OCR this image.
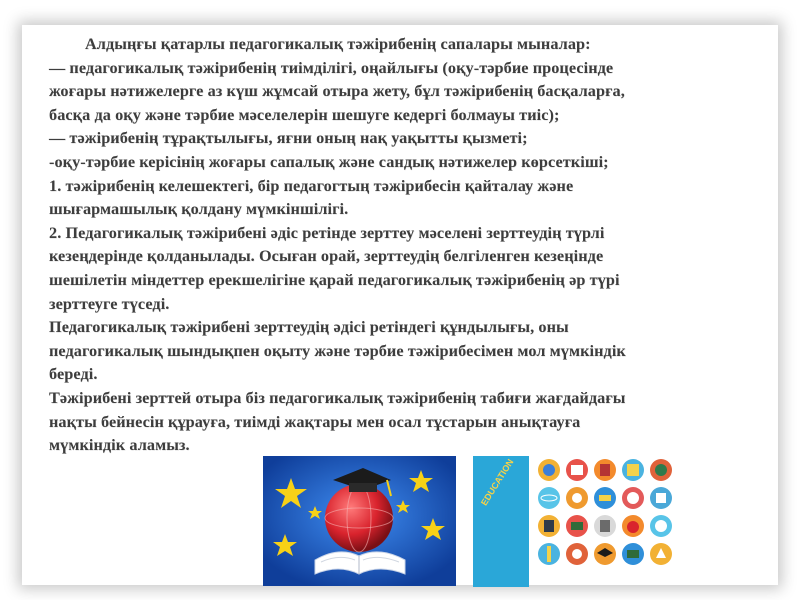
Алдыңғы қатарлы педагогикалық тәжірибенің сапалары мыналар:

— педагогикалық тәжірибенің тиімділігі, оңайлығы (оқу-тәрбие процесінде

жоғары нәтижелерге аз күш жұмсай отыра жету, бұл тәжірибенің басқаларға,

басқа да оқу және тәрбие мәселелерін шешуге кедергі болмауы тиіс);

— тәжірибенің тұрақтылығы, яғни оның нақ уақытты қызметі;

-оқу-тәрбие керісінің жоғары сапалық және сандық нәтижелер көрсеткіші;

1. тәжірибенің келешектегі, бір педагогтың тәжірибесін қайталау және

шығармашылық қолдану мүмкіншілігі.

2. Педагогикалық тәжірибені әдіс ретінде зерттеу мәселені зерттеудің түрлі

кезеңдерінде қолданылады. Осыған орай, зерттеудің белгіленген кезеңінде

шешілетін міндеттер ерекшелігіне қарай педагогикалық тәжірибенің әр түрі

зерттеуге түседі.

Педагогикалық тәжірибені зерттеудің әдісі ретіндегі құндылығы, оны

педагогикалық шындықпен оқыту және тәрбие тәжірибесімен мол мүмкіндік

береді.

Тәжірибені зерттей отыра біз педагогикалық тәжірибенің табиғи жағдайдағы

нақты бейнесін құрауға, тиімді жақтары мен осал тұстарын анықтауға

мүмкіндік аламыз.

EDUCATION
